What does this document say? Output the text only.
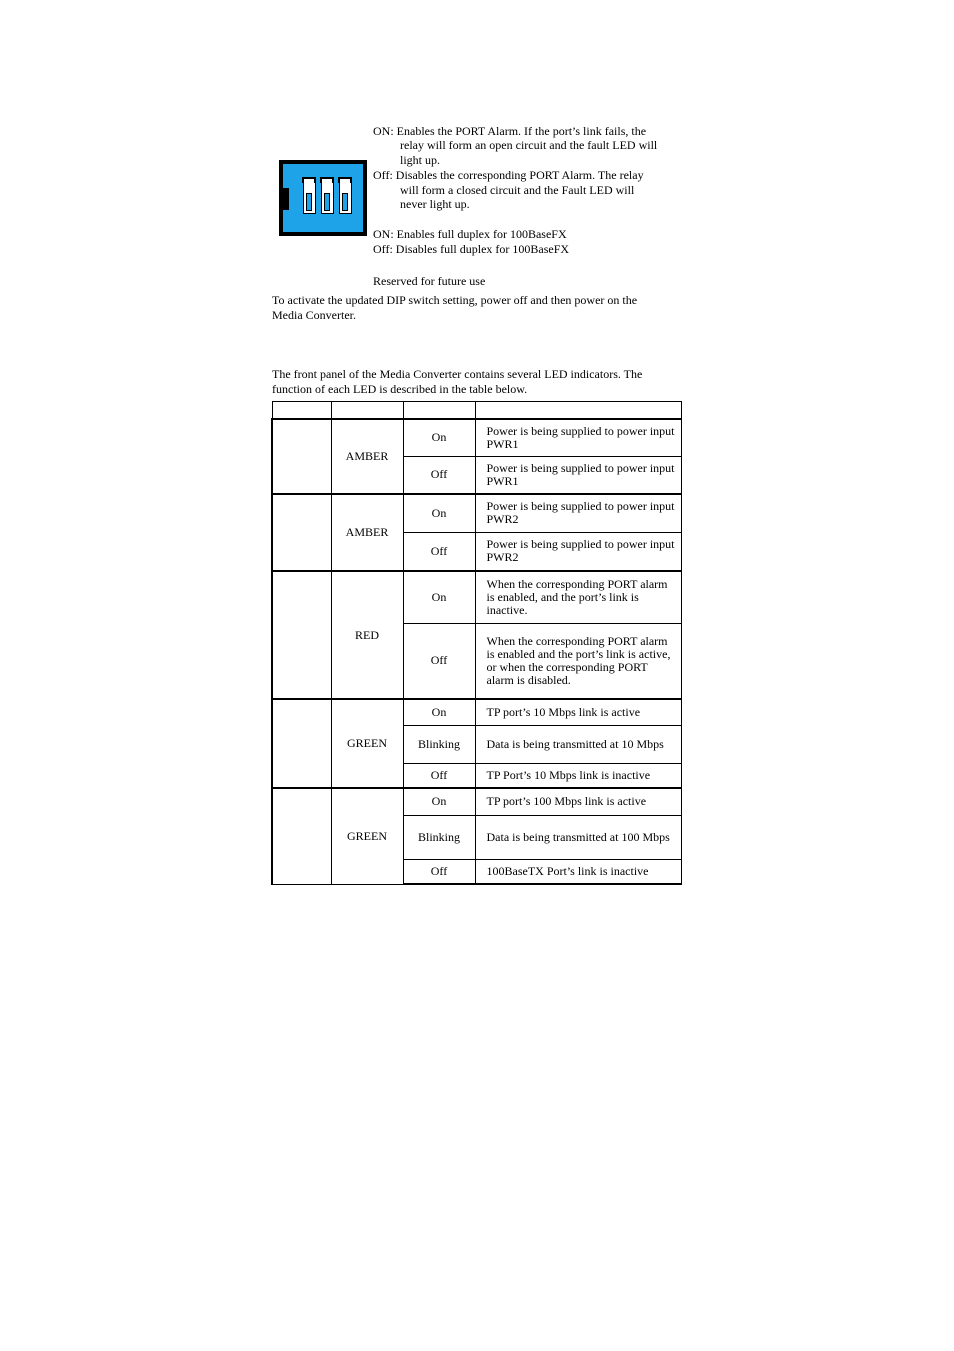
ON: Enables the PORT Alarm. If the port’s link fails, the
relay will form an open circuit and the fault LED will
light up.
Off: Disables the corresponding PORT Alarm. The relay
will form a closed circuit and the Fault LED will
never light up.
ON: Enables full duplex for 100BaseFX
Off: Disables full duplex for 100BaseFX
Reserved for future use
To activate the updated DIP switch setting, power off and then power on the
Media Converter.
The front panel of the Media Converter contains several LED indicators. The
function of each LED is described in the table below.

	AMBER	On	Power is being supplied to power input PWR1
		Off	Power is being supplied to power input PWR1
	AMBER	On	Power is being supplied to power input PWR2
		Off	Power is being supplied to power input PWR2
	RED	On	When the corresponding PORT alarm is enabled, and the port’s link is inactive.
		Off	When the corresponding PORT alarm is enabled and the port’s link is active, or when the corresponding PORT alarm is disabled.
	GREEN	On	TP port’s 10 Mbps link is active
		Blinking	Data is being transmitted at 10 Mbps
		Off	TP Port’s 10 Mbps link is inactive
	GREEN	On	TP port’s 100 Mbps link is active
		Blinking	Data is being transmitted at 100 Mbps
		Off	100BaseTX Port’s link is inactive
